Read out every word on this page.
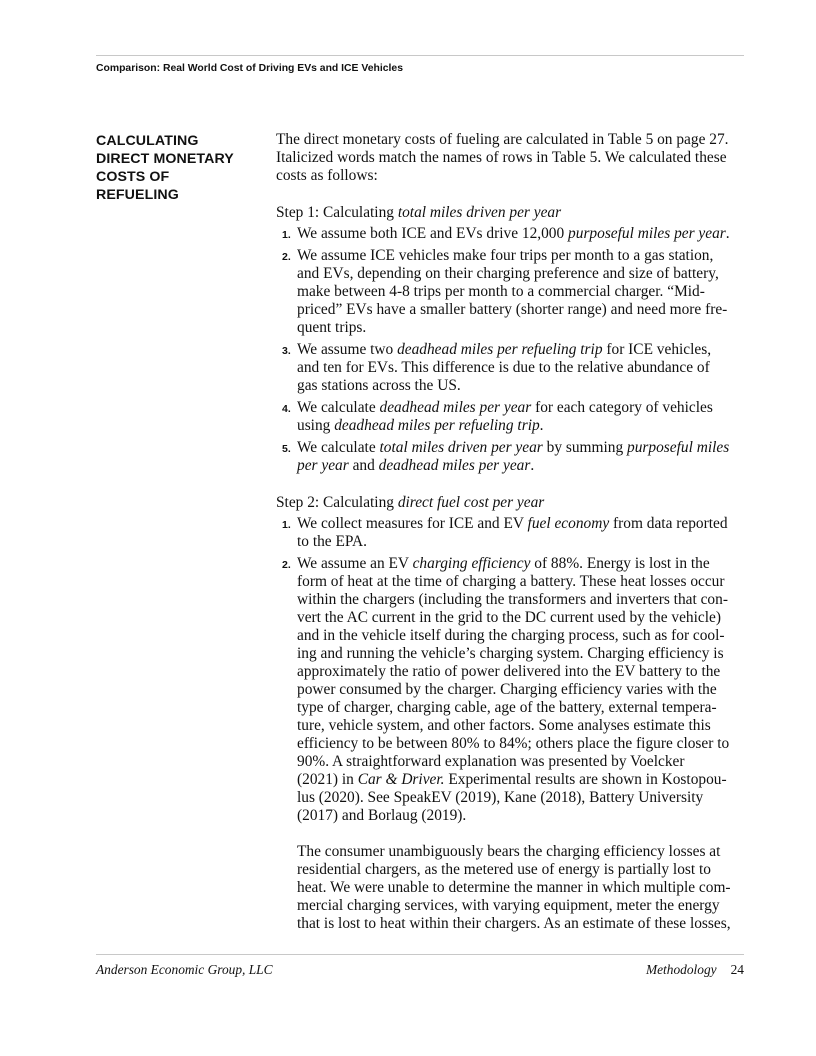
Comparison: Real World Cost of Driving EVs and ICE Vehicles
CALCULATING
DIRECT MONETARY
COSTS OF
REFUELING
The direct monetary costs of fueling are calculated in Table 5 on page 27.
Italicized words match the names of rows in Table 5. We calculated these
costs as follows:
Step 1: Calculating total miles driven per year
1. We assume both ICE and EVs drive 12,000 purposeful miles per year.
2. We assume ICE vehicles make four trips per month to a gas station,
and EVs, depending on their charging preference and size of battery,
make between 4-8 trips per month to a commercial charger. “Mid-
priced” EVs have a smaller battery (shorter range) and need more fre-
quent trips.
3. We assume two deadhead miles per refueling trip for ICE vehicles,
and ten for EVs. This difference is due to the relative abundance of
gas stations across the US.
4. We calculate deadhead miles per year for each category of vehicles
using deadhead miles per refueling trip.
5. We calculate total miles driven per year by summing purposeful miles
per year and deadhead miles per year.
Step 2: Calculating direct fuel cost per year
1. We collect measures for ICE and EV fuel economy from data reported
to the EPA.
2. We assume an EV charging efficiency of 88%. Energy is lost in the
form of heat at the time of charging a battery. These heat losses occur
within the chargers (including the transformers and inverters that con-
vert the AC current in the grid to the DC current used by the vehicle)
and in the vehicle itself during the charging process, such as for cool-
ing and running the vehicle’s charging system. Charging efficiency is
approximately the ratio of power delivered into the EV battery to the
power consumed by the charger. Charging efficiency varies with the
type of charger, charging cable, age of the battery, external tempera-
ture, vehicle system, and other factors. Some analyses estimate this
efficiency to be between 80% to 84%; others place the figure closer to
90%. A straightforward explanation was presented by Voelcker
(2021) in Car & Driver. Experimental results are shown in Kostopou-
lus (2020). See SpeakEV (2019), Kane (2018), Battery University
(2017) and Borlaug (2019).
The consumer unambiguously bears the charging efficiency losses at
residential chargers, as the metered use of energy is partially lost to
heat. We were unable to determine the manner in which multiple com-
mercial charging services, with varying equipment, meter the energy
that is lost to heat within their chargers. As an estimate of these losses,
Anderson Economic Group, LLC	Methodology 24
